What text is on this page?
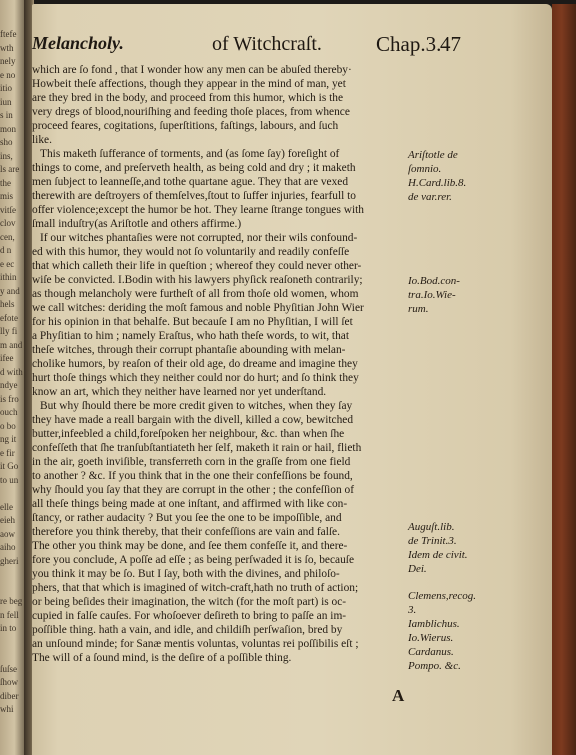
ftefe
wth
nely
e no
itio
iun
s in
mon
sho
ins,
ls are
the
mis
vitſe
clov
cen,
d n
e ec
ithin
y and
hels
efote
lly fi
m and
ifee
d with
ndye
is fro
ouch
o bo
ng it
e fir
it Go
to un
elle
eieh
aow
aiho
gheri
re beg
n fell
in to
ſuſse
ſhow
diber
whi
Melancholy.	of Witchcraſt.	Chap.3.
47
which are ſo fond , that I wonder how any men can be abuſed thereby·
Howbeit theſe affections, though they appear in the mind of man, yet
are they bred in the body, and proceed from this humor, which is the
very dregs of blood,nouriſhing and feeding thoſe places, from whence
proceed feares, cogitations, ſuperſtitions, faſtings, labours, and ſuch
like.
This maketh ſufferance of torments, and (as ſome ſay) foreſight of
things to come, and preſerveth health, as being cold and dry ; it maketh
men ſubject to leanneſſe,and tothe quartane ague. They that are vexed
therewith are deſtroyers of themſelves,ſtout to ſuffer injuries, fearfull to
offer violence;except the humor be hot. They learne ſtrange tongues with
ſmall induſtry(as Ariſtotle and others affirme.)
If our witches phantaſies were not corrupted, nor their wils confound-
ed with this humor, they would not ſo voluntarily and readily confeſſe
that which calleth their life in queſtion ; whereof they could never other-
wiſe be convicted. I.Bodin with his lawyers phyſick reaſoneth contrarily;
as though melancholy were furtheſt of all from thoſe old women, whom
we call witches: deriding the moſt famous and noble Phyſitian John Wier
for his opinion in that behalfe. But becauſe I am no Phyſitian, I will ſet
a Phyſitian to him ; namely Eraſtus, who hath theſe words, to wit, that
theſe witches, through their corrupt phantaſie abounding with melan-
cholike humors, by reaſon of their old age, do dreame and imagine they
hurt thoſe things which they neither could nor do hurt; and ſo think they
know an art, which they neither have learned nor yet underſtand.
But why ſhould there be more credit given to witches, when they ſay
they have made a reall bargain with the divell, killed a cow, bewitched
butter,infeebled a child,foreſpoken her neighbour, &c. than when ſhe
confeſſeth that ſhe tranſubſtantiateth her ſelf, maketh it rain or hail, flieth
in the air, goeth inviſible, transferreth corn in the graſſe from one field
to another ? &c. If you think that in the one their confeſſions be found,
why ſhould you ſay that they are corrupt in the other ; the confeſſion of
all theſe things being made at one inſtant, and affirmed with like con-
ſtancy, or rather audacity ? But you ſee the one to be impoſſible, and
therefore you think thereby, that their confeſſions are vain and falſe.
The other you think may be done, and ſee them confeſſe it, and there-
fore you conclude, A poſſe ad eſſe ; as being perſwaded it is ſo, becauſe
you think it may be ſo. But I ſay, both with the divines, and philoſo-
phers, that that which is imagined of witch-craft,hath no truth of action;
or being beſides their imagination, the witch (for the moſt part) is oc-
cupied in falſe cauſes. For whoſoever deſireth to bring to paſſe an im-
poſſible thing. hath a vain, and idle, and childiſh perſwaſion, bred by
an unſound minde; for Sanæ mentis voluntas, voluntas rei poſſibilis eſt ;
The will of a ſound mind, is the deſire of a poſſible thing.
Ariſtotle de
ſomnio.
H.Card.lib.8.
de var.rer.
Io.Bod.con-
tra.Io.Wie-
rum.
Auguſt.lib.
de Trinit.3.
Idem de civit.
Dei.
Clemens,recog.
3.
Iamblichus.
Io.Wierus.
Cardanus.
Pompo. &c.
A
